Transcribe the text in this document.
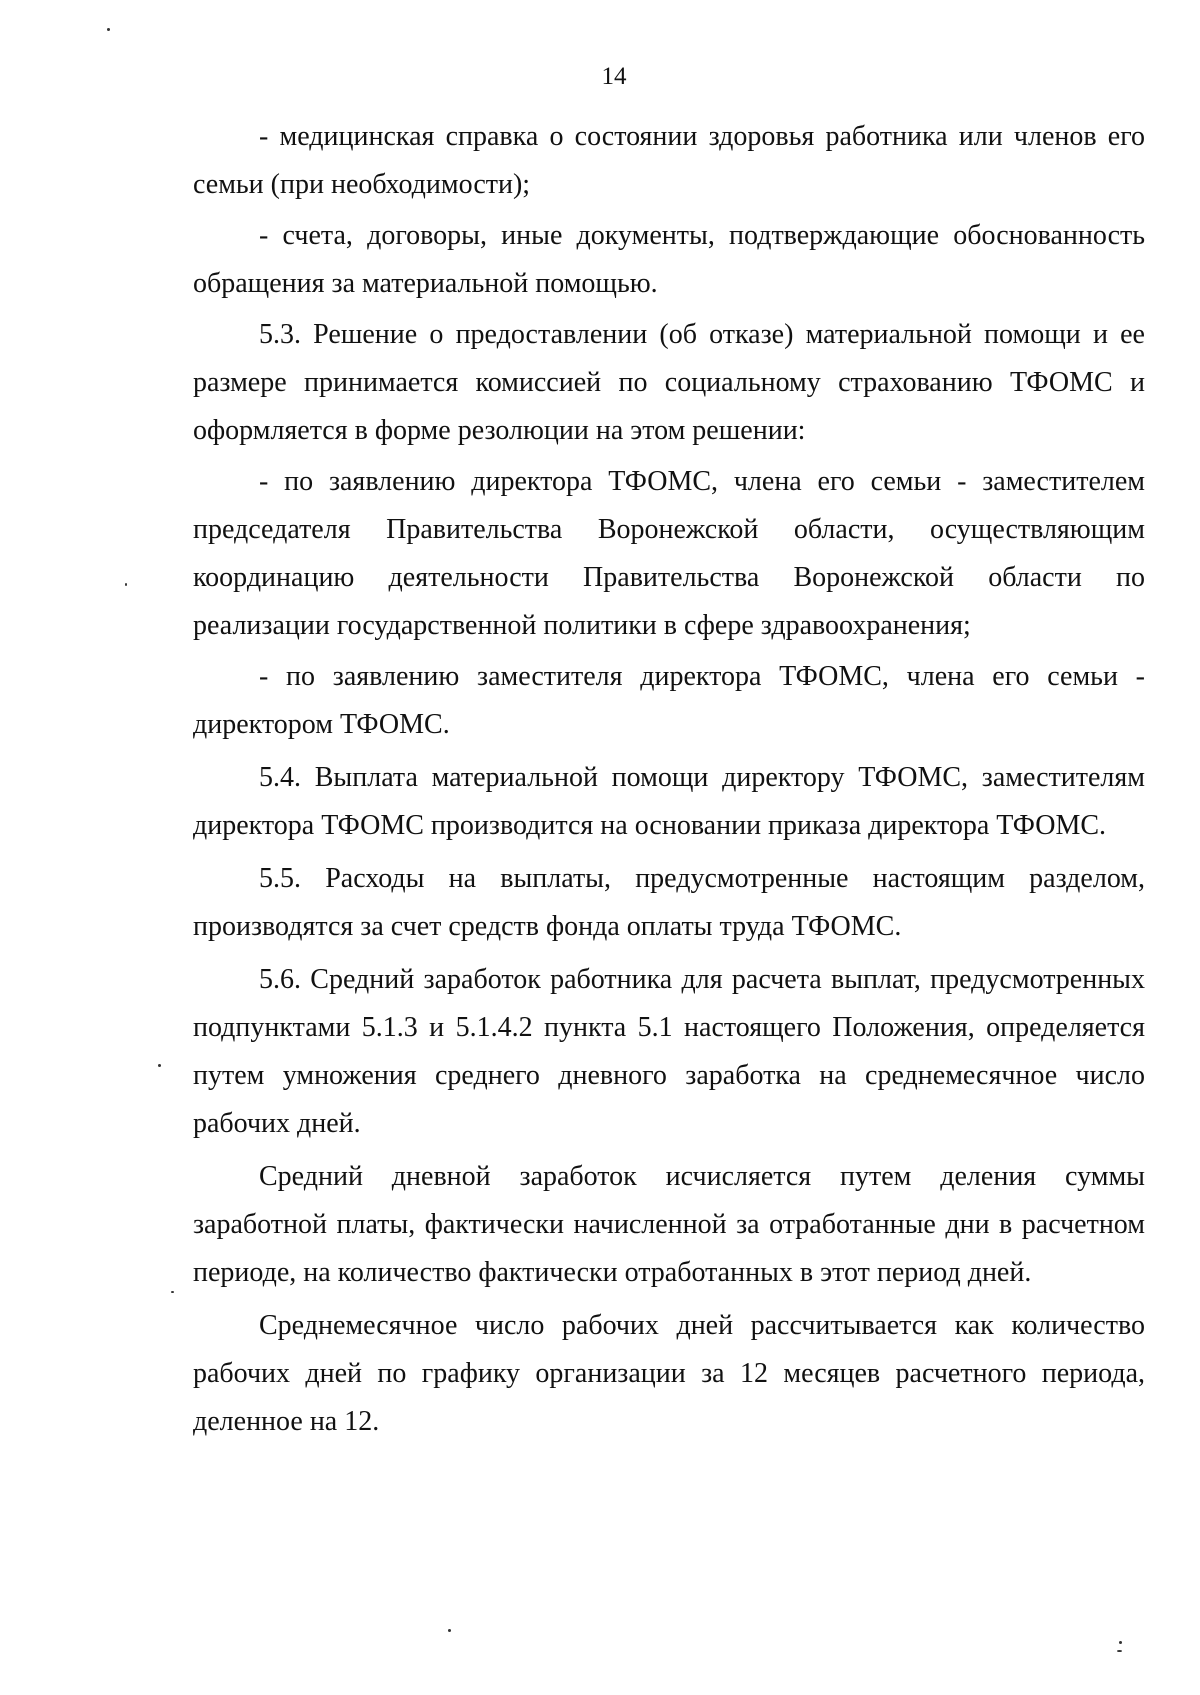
14

- медицинская справка о состоянии здоровья работника или членов его семьи (при необходимости);

- счета, договоры, иные документы, подтверждающие обоснованность обращения за материальной помощью.

5.3. Решение о предоставлении (об отказе) материальной помощи и ее размере принимается комиссией по социальному страхованию ТФОМС и оформляется в форме резолюции на этом решении:

- по заявлению директора ТФОМС, члена его семьи - заместителем председателя Правительства Воронежской области, осуществляющим координацию деятельности Правительства Воронежской области по реализации государственной политики в сфере здравоохранения;

- по заявлению заместителя директора ТФОМС, члена его семьи - директором ТФОМС.

5.4. Выплата материальной помощи директору ТФОМС, заместителям директора ТФОМС производится на основании приказа директора ТФОМС.

5.5. Расходы на выплаты, предусмотренные настоящим разделом, производятся за счет средств фонда оплаты труда ТФОМС.

5.6. Средний заработок работника для расчета выплат, предусмотренных подпунктами 5.1.3 и 5.1.4.2 пункта 5.1 настоящего Положения, определяется путем умножения среднего дневного заработка на среднемесячное число рабочих дней.

Средний дневной заработок исчисляется путем деления суммы заработной платы, фактически начисленной за отработанные дни в расчетном периоде, на количество фактически отработанных в этот период дней.

Среднемесячное число рабочих дней рассчитывается как количество рабочих дней по графику организации за 12 месяцев расчетного периода, деленное на 12.
